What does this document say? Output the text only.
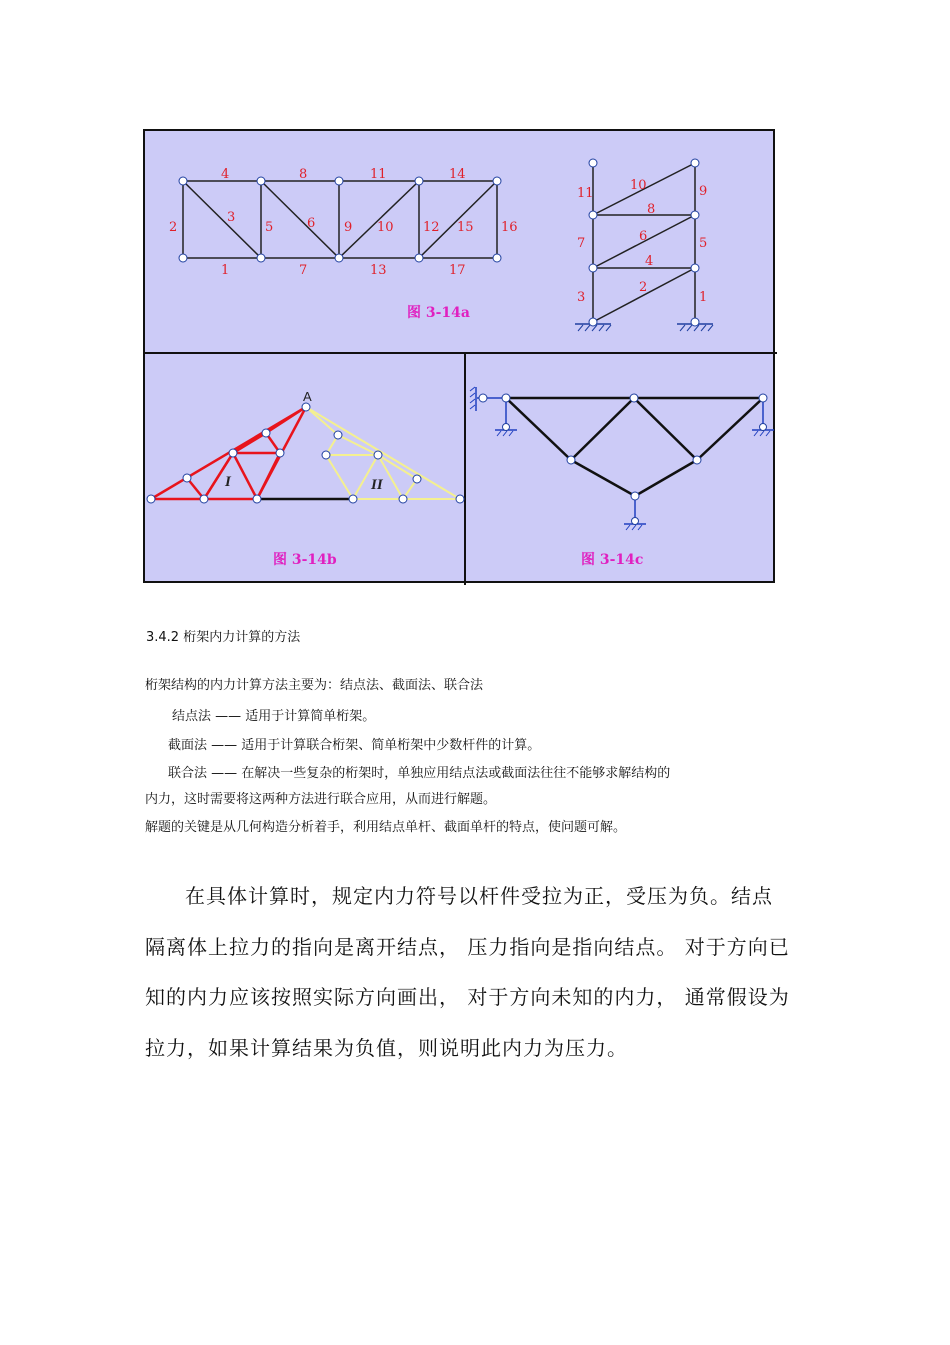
4	8	11	14
3	6	10	15
2	5	9	12	16
1	7	13	17
10
11	9
8
7	6	5
4
3
2
1
图 3-14a
A
I	II
图 3-14b	图 3-14c
3.4.2 桁架内力计算的方法
桁架结构的内力计算方法主要为：结点法、截面法、联合法
结点法 —— 适用于计算简单桁架。
截面法 —— 适用于计算联合桁架、简单桁架中少数杆件的计算。
联合法 —— 在解决一些复杂的桁架时，单独应用结点法或截面法往往不能够求解结构的
内力，这时需要将这两种方法进行联合应用，从而进行解题。
解题的关键是从几何构造分析着手，利用结点单杆、截面单杆的特点，使问题可解。
在具体计算时，规定内力符号以杆件受拉为正，受压为负。结点
隔离体上拉力的指向是离开结点， 压力指向是指向结点。 对于方向已
知的内力应该按照实际方向画出， 对于方向未知的内力， 通常假设为
拉力，如果计算结果为负值，则说明此内力为压力。
